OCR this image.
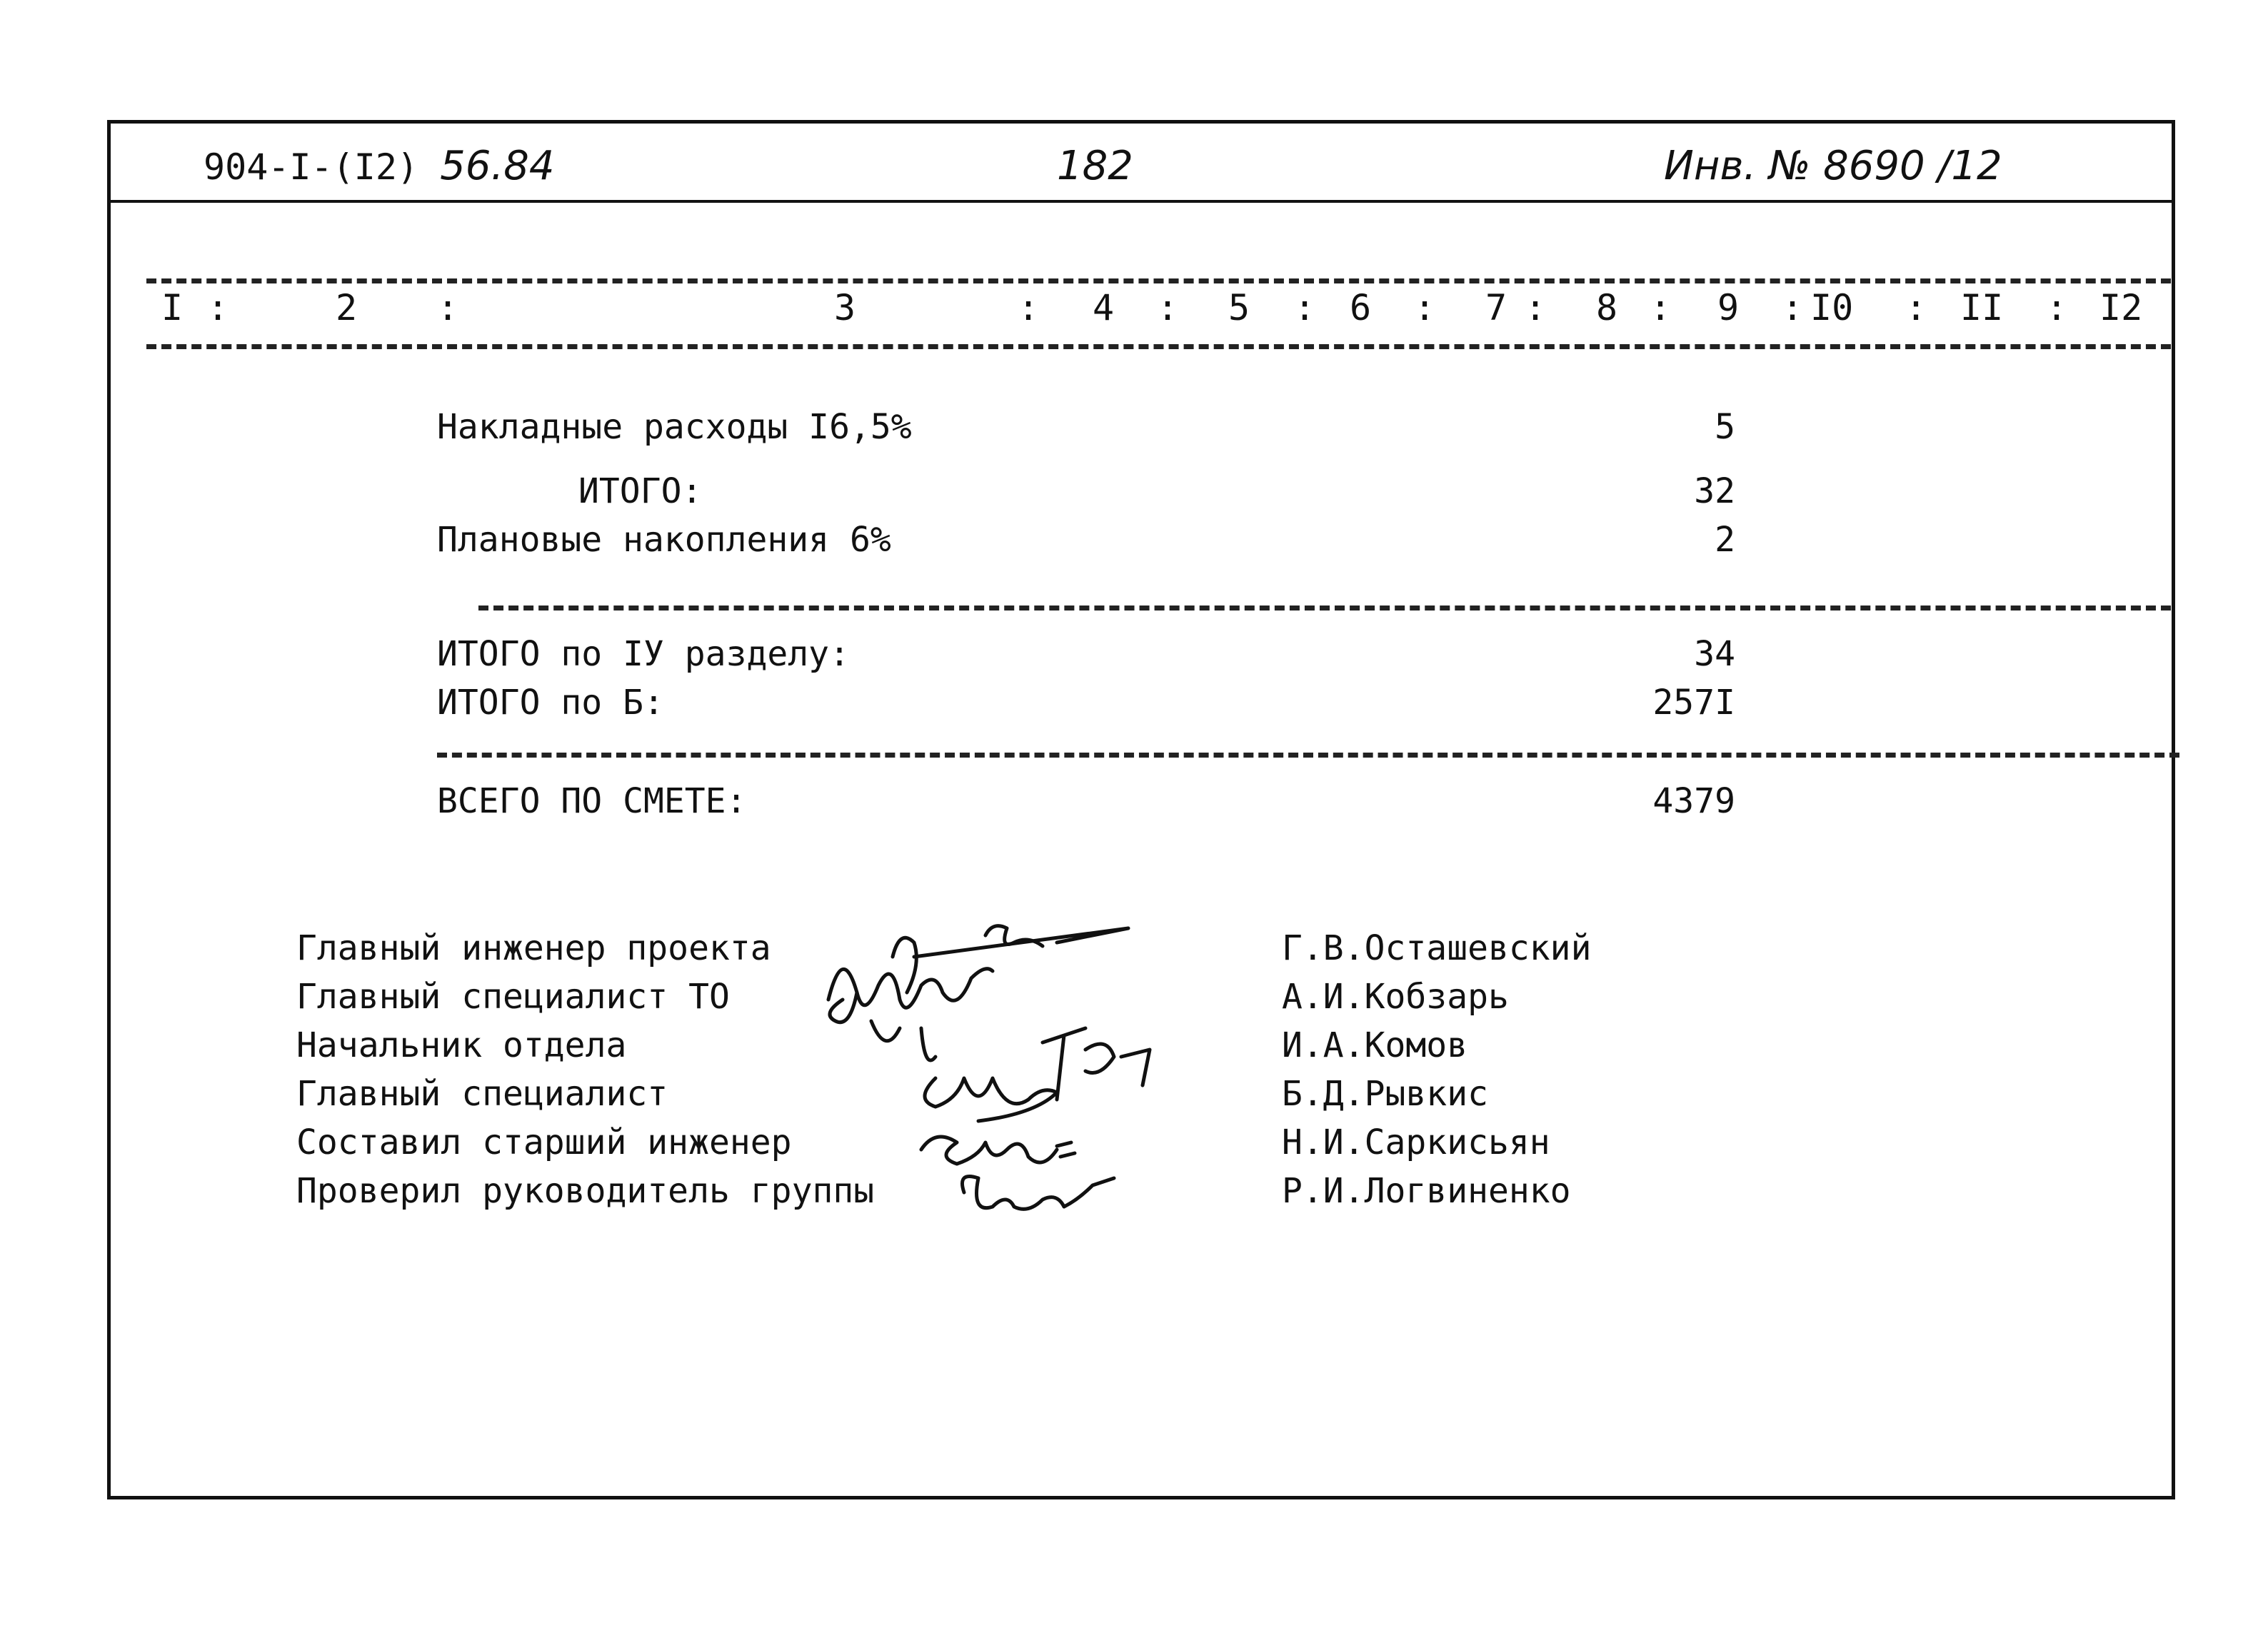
904-I-(I2) 56.84	182	Инв. № 8690 /12
I :	2 :	3	: 4 : 5 : 6 : 7 : 8 : 9 : I0 : II : I2
Накладные расходы I6,5%	5
ИТОГО:	32
Плановые накопления 6%	2
ИТОГО по IУ разделу:	34
ИТОГО по Б:	257I
ВСЕГО ПО СМЕТЕ:	4379
Главный инженер проекта	Г.В.Осташевский
Главный специалист ТО	А.И.Кобзарь
Начальник отдела	И.А.Комов
Главный специалист	Б.Д.Рывкис
Составил старший инженер	Н.И.Саркисьян
Проверил руководитель группы	Р.И.Логвиненко
